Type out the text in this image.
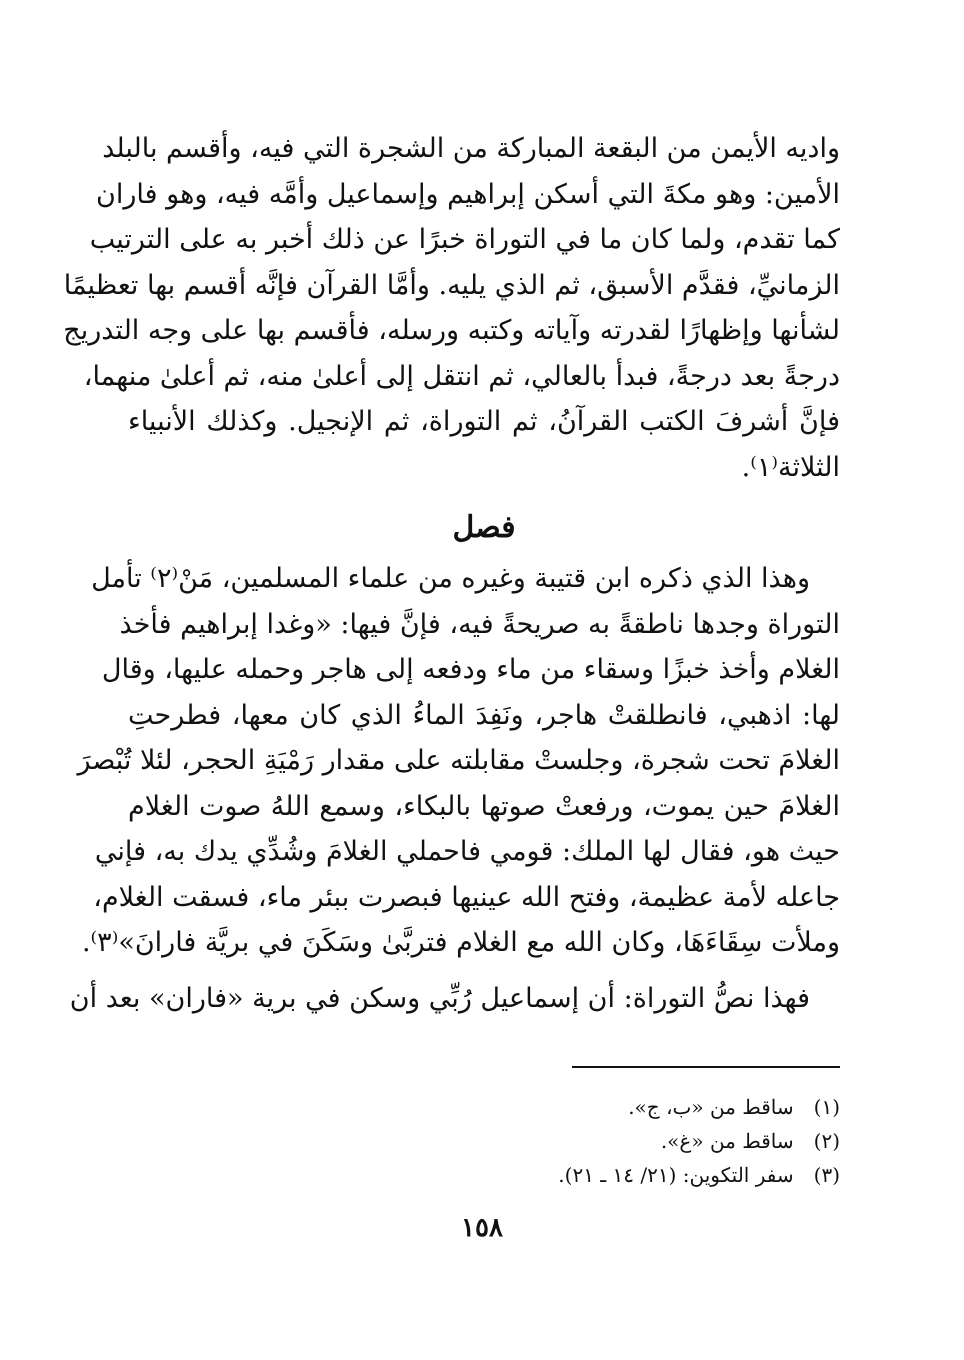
واديه الأيمن من البقعة المباركة من الشجرة التي فيه، وأقسم بالبلد
الأمين: وهو مكةَ التي أسكن إبراهيم وإسماعيل وأمَّه فيه، وهو فاران
كما تقدم، ولما كان ما في التوراة خبرًا عن ذلك أخبر به على الترتيب
الزمانيِّ، فقدَّم الأسبق، ثم الذي يليه. وأمَّا القرآن فإنَّه أقسم بها تعظيمًا
لشأنها وإظهارًا لقدرته وآياته وكتبه ورسله، فأقسم بها على وجه التدريج
درجةً بعد درجةً، فبدأ بالعالي، ثم انتقل إلى أعلىٰ منه، ثم أعلىٰ منهما،
فإنَّ أشرفَ الكتب القرآنُ، ثم التوراة، ثم الإنجيل. وكذلك الأنبياء
الثلاثة⁽١⁾.
فصل
وهذا الذي ذكره ابن قتيبة وغيره من علماء المسلمين، مَنْ⁽٢⁾ تأمل
التوراة وجدها ناطقةً به صريحةً فيه، فإنَّ فيها: «وغدا إبراهيم فأخذ
الغلام وأخذ خبزًا وسقاء من ماء ودفعه إلى هاجر وحمله عليها، وقال
لها: اذهبي، فانطلقتْ هاجر، ونَفِدَ الماءُ الذي كان معها، فطرحتِ
الغلامَ تحت شجرة، وجلستْ مقابلته على مقدار رَمْيَةِ الحجر، لئلا تُبْصرَ
الغلامَ حين يموت، ورفعتْ صوتها بالبكاء، وسمع اللهُ صوت الغلام
حيث هو، فقال لها الملك: قومي فاحملي الغلامَ وشُدِّي يدك به، فإني
جاعله لأمة عظيمة، وفتح الله عينيها فبصرت ببئر ماء، فسقت الغلام،
وملأت سِقَاءَهَا، وكان الله مع الغلام فتربَّىٰ وسَكَنَ في بريَّة فارانَ»⁽٣⁾.
فهذا نصُّ التوراة: أن إسماعيل رُبِّي وسكن في برية «فاران» بعد أن
(١) ساقط من «ب، ج».
(٢) ساقط من «غ».
(٣) سفر التكوين: (٢١/ ١٤ ـ ٢١).
١٥٨
